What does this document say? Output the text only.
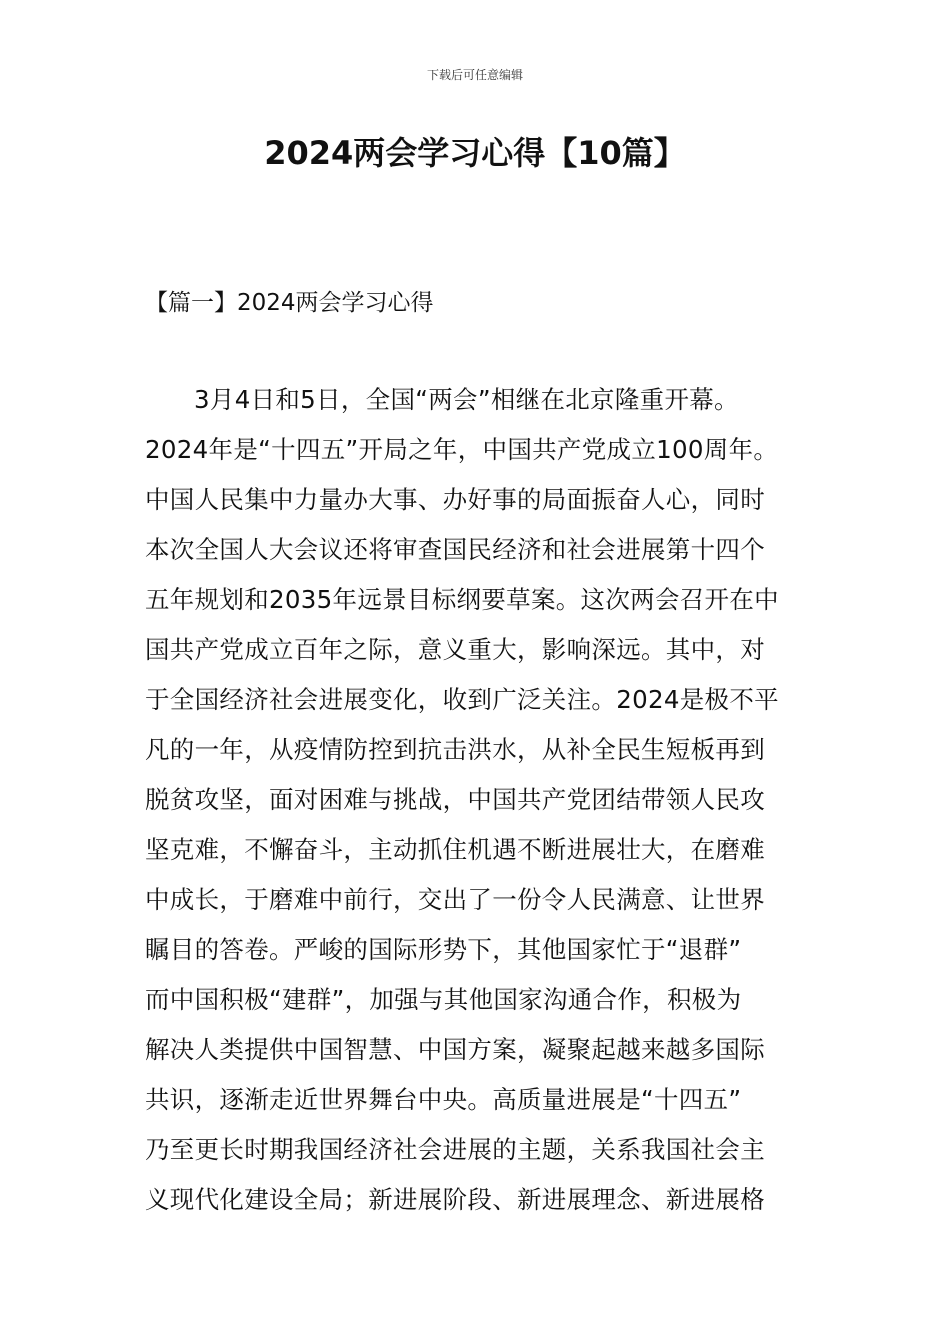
下载后可任意编辑
2024两会学习心得【10篇】
【篇一】2024两会学习心得
3月4日和5日，全国“两会”相继在北京隆重开幕。
2024年是“十四五”开局之年，中国共产党成立100周年。
中国人民集中力量办大事、办好事的局面振奋人心，同时
本次全国人大会议还将审查国民经济和社会进展第十四个
五年规划和2035年远景目标纲要草案。这次两会召开在中
国共产党成立百年之际，意义重大，影响深远。其中，对
于全国经济社会进展变化，收到广泛关注。2024是极不平
凡的一年，从疫情防控到抗击洪水，从补全民生短板再到
脱贫攻坚，面对困难与挑战，中国共产党团结带领人民攻
坚克难，不懈奋斗，主动抓住机遇不断进展壮大，在磨难
中成长，于磨难中前行，交出了一份令人民满意、让世界
瞩目的答卷。严峻的国际形势下，其他国家忙于“退群”
而中国积极“建群”，加强与其他国家沟通合作，积极为
解决人类提供中国智慧、中国方案，凝聚起越来越多国际
共识，逐渐走近世界舞台中央。高质量进展是“十四五”
乃至更长时期我国经济社会进展的主题，关系我国社会主
义现代化建设全局；新进展阶段、新进展理念、新进展格
